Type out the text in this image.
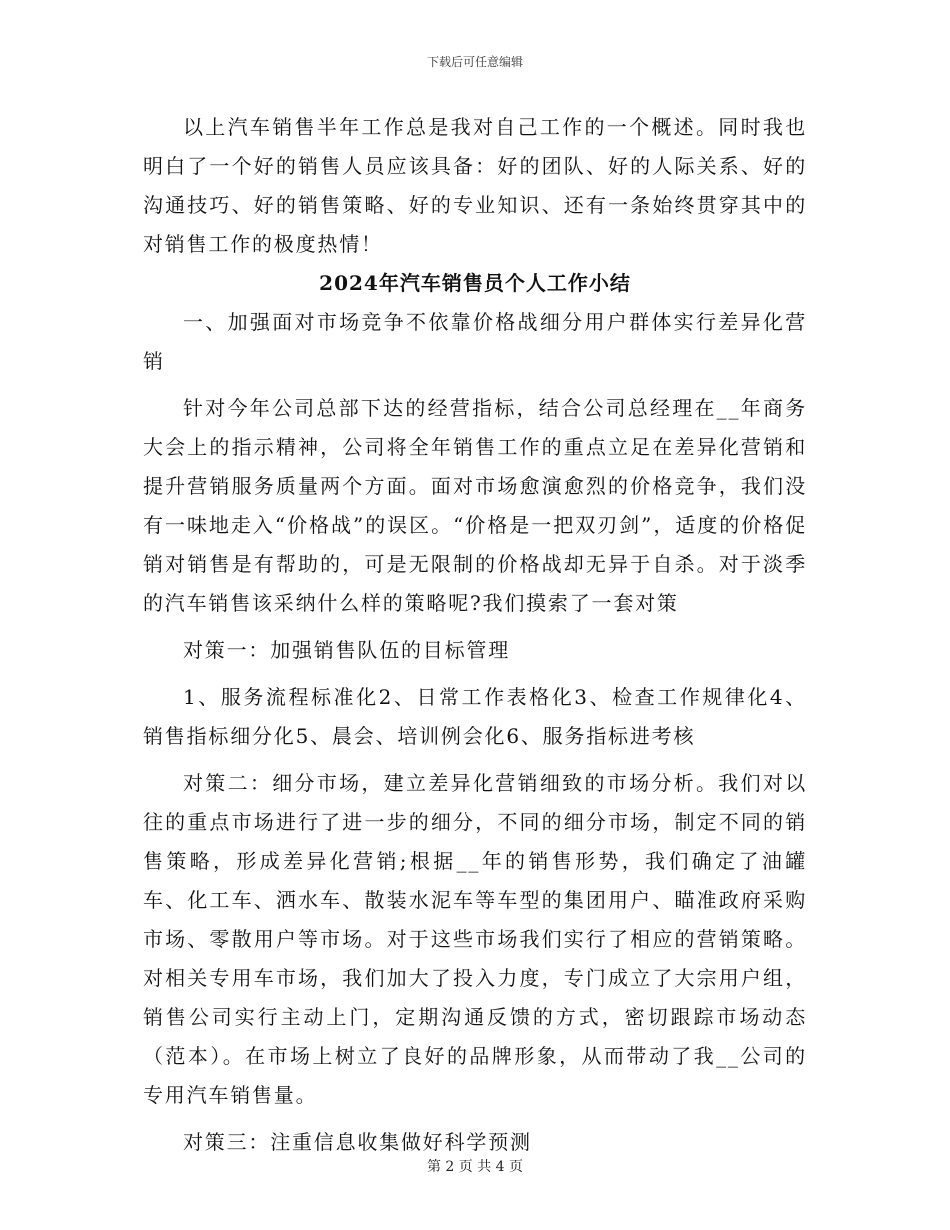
下载后可任意编辑

以上汽车销售半年工作总是我对自己工作的一个概述。同时我也明白了一个好的销售人员应该具备：好的团队、好的人际关系、好的沟通技巧、好的销售策略、好的专业知识、还有一条始终贯穿其中的对销售工作的极度热情！

2024年汽车销售员个人工作小结

一、加强面对市场竞争不依靠价格战细分用户群体实行差异化营销

针对今年公司总部下达的经营指标，结合公司总经理在__年商务大会上的指示精神，公司将全年销售工作的重点立足在差异化营销和提升营销服务质量两个方面。面对市场愈演愈烈的价格竞争，我们没有一味地走入“价格战”的误区。“价格是一把双刃剑”，适度的价格促销对销售是有帮助的，可是无限制的价格战却无异于自杀。对于淡季的汽车销售该采纳什么样的策略呢?我们摸索了一套对策

对策一：加强销售队伍的目标管理

1、服务流程标准化2、日常工作表格化3、检查工作规律化4、销售指标细分化5、晨会、培训例会化6、服务指标进考核

对策二：细分市场，建立差异化营销细致的市场分析。我们对以往的重点市场进行了进一步的细分，不同的细分市场，制定不同的销售策略，形成差异化营销;根据__年的销售形势，我们确定了油罐车、化工车、洒水车、散装水泥车等车型的集团用户、瞄准政府采购市场、零散用户等市场。对于这些市场我们实行了相应的营销策略。对相关专用车市场，我们加大了投入力度，专门成立了大宗用户组，销售公司实行主动上门，定期沟通反馈的方式，密切跟踪市场动态（范本）。在市场上树立了良好的品牌形象，从而带动了我__公司的专用汽车销售量。

对策三：注重信息收集做好科学预测

第 2 页 共 4 页
